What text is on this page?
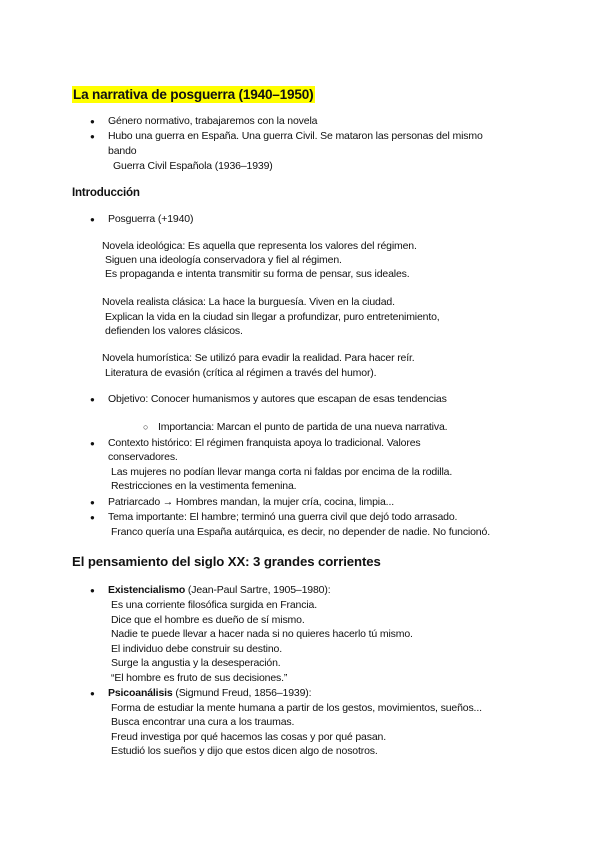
La narrativa de posguerra (1940–1950)
● Género normativo, trabajaremos con la novela
● Hubo una guerra en España. Una guerra Civil. Se mataron las personas del mismo
bando
Guerra Civil Española (1936–1939)
Introducción
● Posguerra (+1940)
Novela ideológica: Es aquella que representa los valores del régimen.
Siguen una ideología conservadora y fiel al régimen.
Es propaganda e intenta transmitir su forma de pensar, sus ideales.
Novela realista clásica: La hace la burguesía. Viven en la ciudad.
Explican la vida en la ciudad sin llegar a profundizar, puro entretenimiento,
defienden los valores clásicos.
Novela humorística: Se utilizó para evadir la realidad. Para hacer reír.
Literatura de evasión (crítica al régimen a través del humor).
● Objetivo: Conocer humanismos y autores que escapan de esas tendencias
○ Importancia: Marcan el punto de partida de una nueva narrativa.
● Contexto histórico: El régimen franquista apoya lo tradicional. Valores
conservadores.
Las mujeres no podían llevar manga corta ni faldas por encima de la rodilla.
Restricciones en la vestimenta femenina.
● Patriarcado → Hombres mandan, la mujer cría, cocina, limpia...
● Tema importante: El hambre; terminó una guerra civil que dejó todo arrasado.
Franco quería una España autárquica, es decir, no depender de nadie. No funcionó.
El pensamiento del siglo XX: 3 grandes corrientes
● Existencialismo (Jean-Paul Sartre, 1905–1980):
Es una corriente filosófica surgida en Francia.
Dice que el hombre es dueño de sí mismo.
Nadie te puede llevar a hacer nada si no quieres hacerlo tú mismo.
El individuo debe construir su destino.
Surge la angustia y la desesperación.
“El hombre es fruto de sus decisiones.”
● Psicoanálisis (Sigmund Freud, 1856–1939):
Forma de estudiar la mente humana a partir de los gestos, movimientos, sueños...
Busca encontrar una cura a los traumas.
Freud investiga por qué hacemos las cosas y por qué pasan.
Estudió los sueños y dijo que estos dicen algo de nosotros.
